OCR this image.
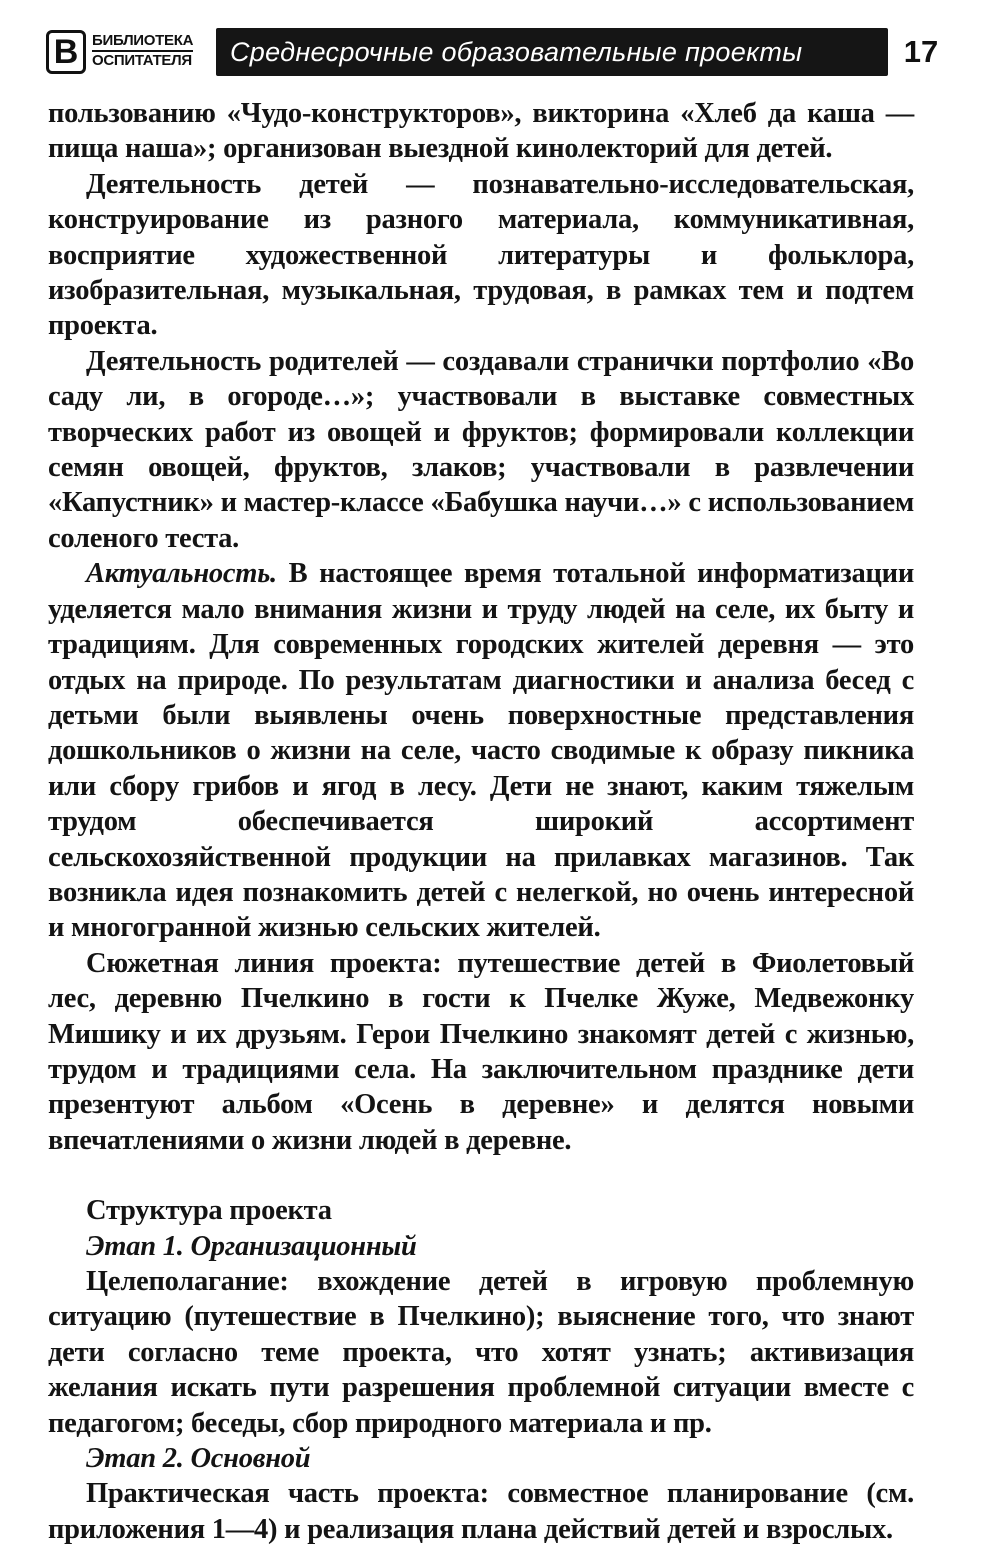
В БИБЛИОТЕКА
ОСПИТАТЕЛЯ	Среднесрочные образовательные проекты	17

пользованию «Чудо-конструкторов», викторина «Хлеб да каша — пища наша»; организован выездной кинолекторий для детей.

Деятельность детей — познавательно-исследовательская, конструирование из разного материала, коммуникативная, восприятие художественной литературы и фольклора, изобразительная, музыкальная, трудовая, в рамках тем и подтем проекта.

Деятельность родителей — создавали странички портфолио «Во саду ли, в огороде…»; участвовали в выставке совместных творческих работ из овощей и фруктов; формировали коллекции семян овощей, фруктов, злаков; участвовали в развлечении «Капустник» и мастер-классе «Бабушка научи…» с использованием соленого теста.

Актуальность. В настоящее время тотальной информатизации уделяется мало внимания жизни и труду людей на селе, их быту и традициям. Для современных городских жителей деревня — это отдых на природе. По результатам диагностики и анализа бесед с детьми были выявлены очень поверхностные представления дошкольников о жизни на селе, часто сводимые к образу пикника или сбору грибов и ягод в лесу. Дети не знают, каким тяжелым трудом обеспечивается широкий ассортимент сельскохозяйственной продукции на прилавках магазинов. Так возникла идея познакомить детей с нелегкой, но очень интересной и многогранной жизнью сельских жителей.

Сюжетная линия проекта: путешествие детей в Фиолетовый лес, деревню Пчелкино в гости к Пчелке Жуже, Медвежонку Мишику и их друзьям. Герои Пчелкино знакомят детей с жизнью, трудом и традициями села. На заключительном празднике дети презентуют альбом «Осень в деревне» и делятся новыми впечатлениями о жизни людей в деревне.

Структура проекта

Этап 1. Организационный

Целеполагание: вхождение детей в игровую проблемную ситуацию (путешествие в Пчелкино); выяснение того, что знают дети согласно теме проекта, что хотят узнать; активизация желания искать пути разрешения проблемной ситуации вместе с педагогом; беседы, сбор природного материала и пр.

Этап 2. Основной

Практическая часть проекта: совместное планирование (см. приложения 1—4) и реализация плана действий детей и взрослых.
